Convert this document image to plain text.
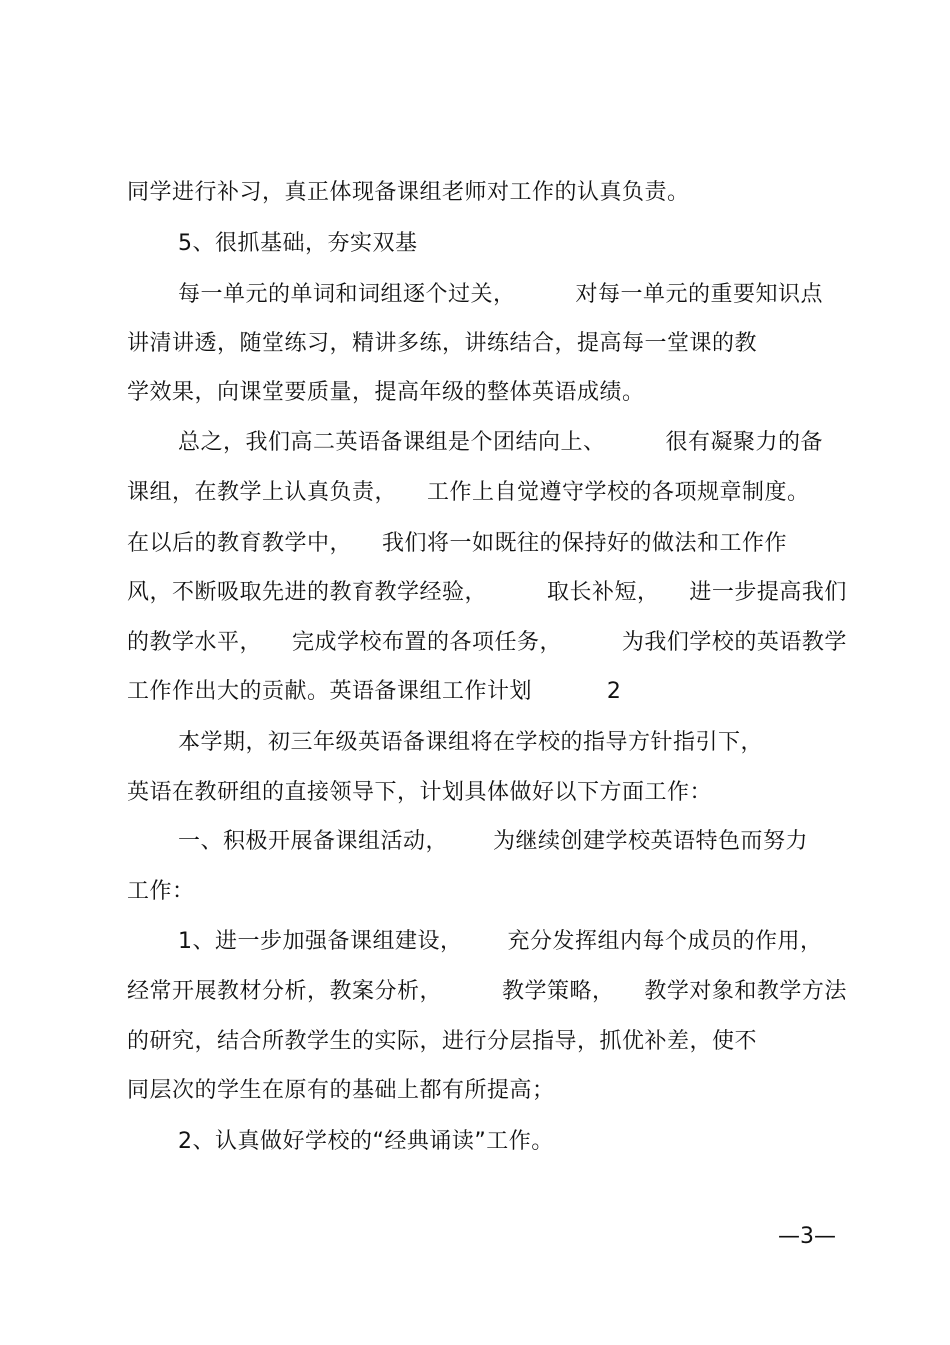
同学进行补习，真正体现备课组老师对工作的认真负责。
5、很抓基础，夯实双基
每一单元的单词和词组逐个过关，        对每一单元的重要知识点
讲清讲透，随堂练习，精讲多练，讲练结合，提高每一堂课的教
学效果，向课堂要质量，提高年级的整体英语成绩。
总之，我们高二英语备课组是个团结向上、        很有凝聚力的备
课组，在教学上认真负责，    工作上自觉遵守学校的各项规章制度。
在以后的教育教学中，    我们将一如既往的保持好的做法和工作作
风，不断吸取先进的教育教学经验，        取长补短，    进一步提高我们
的教学水平，    完成学校布置的各项任务，        为我们学校的英语教学
工作作出大的贡献。英语备课组工作计划          2
本学期，初三年级英语备课组将在学校的指导方针指引下，
英语在教研组的直接领导下，计划具体做好以下方面工作：
一、积极开展备课组活动，      为继续创建学校英语特色而努力
工作：
1、进一步加强备课组建设，      充分发挥组内每个成员的作用，
经常开展教材分析，教案分析，        教学策略，    教学对象和教学方法
的研究，结合所教学生的实际，进行分层指导，抓优补差，使不
同层次的学生在原有的基础上都有所提高；
2、认真做好学校的“经典诵读”工作。
—3—
